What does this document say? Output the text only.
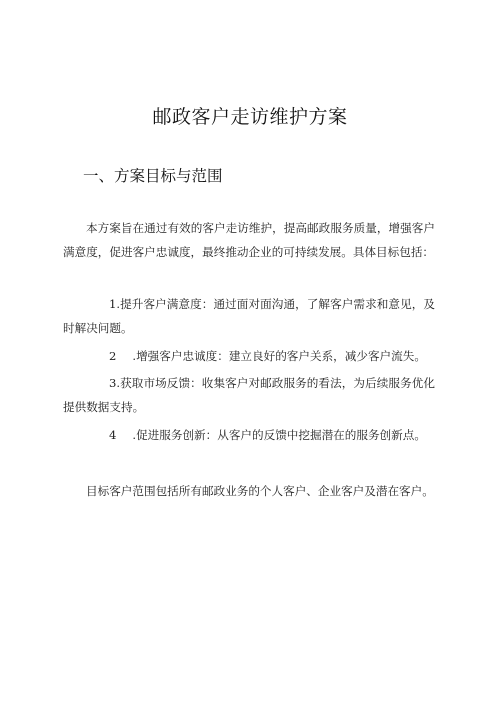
邮政客户走访维护方案
一、方案目标与范围
本方案旨在通过有效的客户走访维护，提高邮政服务质量，增强客户满意度，促进客户忠诚度，最终推动企业的可持续发展。具体目标包括：
1.提升客户满意度：通过面对面沟通，了解客户需求和意见，及时解决问题。
2 .增强客户忠诚度：建立良好的客户关系，减少客户流失。
3.获取市场反馈：收集客户对邮政服务的看法，为后续服务优化提供数据支持。
4 .促进服务创新：从客户的反馈中挖掘潜在的服务创新点。
目标客户范围包括所有邮政业务的个人客户、企业客户及潜在客户。
